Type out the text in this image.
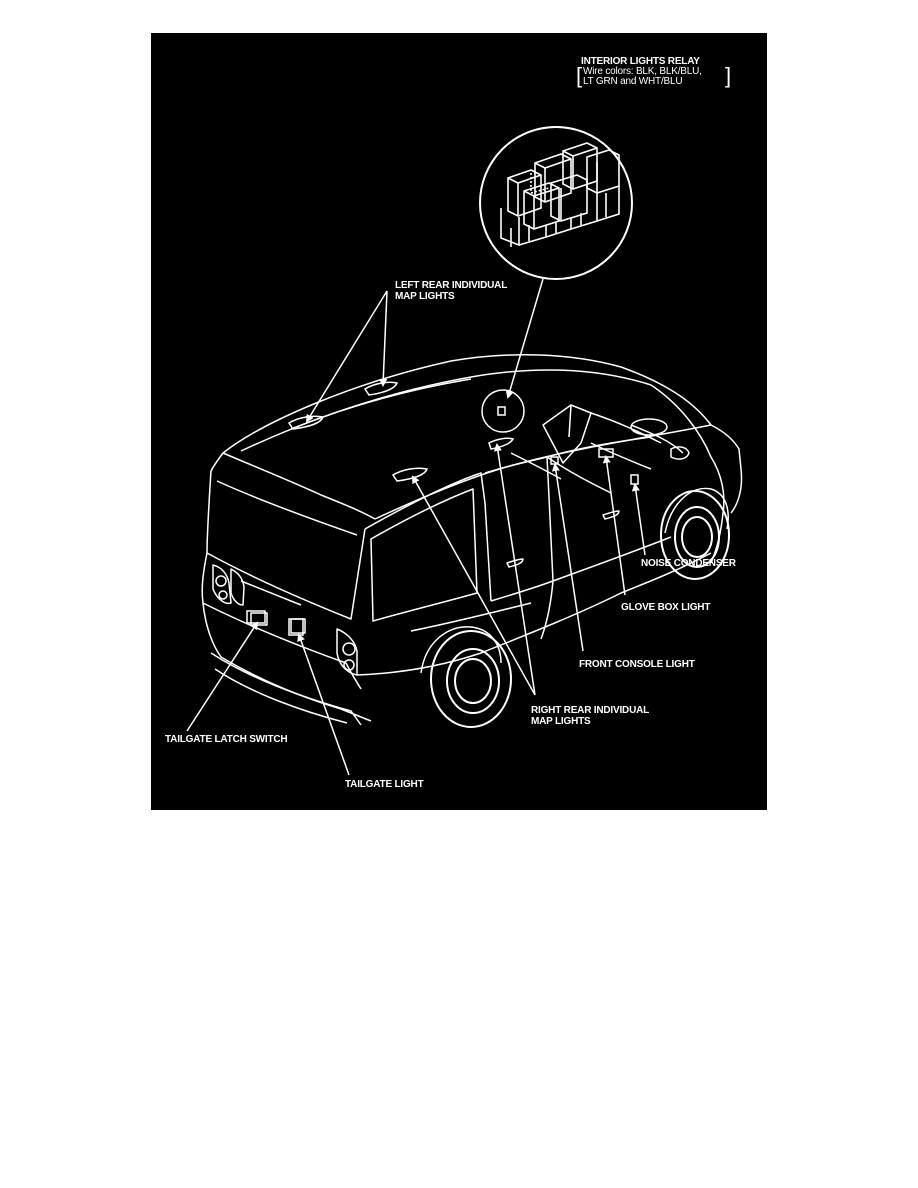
INTERIOR LIGHTS RELAY
[ Wire colors: BLK, BLK/BLU,
LT GRN and WHT/BLU	]
LEFT REAR INDIVIDUAL
MAP LIGHTS
NOISE CONDENSER
GLOVE BOX LIGHT
FRONT CONSOLE LIGHT
RIGHT REAR INDIVIDUAL
MAP LIGHTS
TAILGATE LATCH SWITCH
TAILGATE LIGHT
